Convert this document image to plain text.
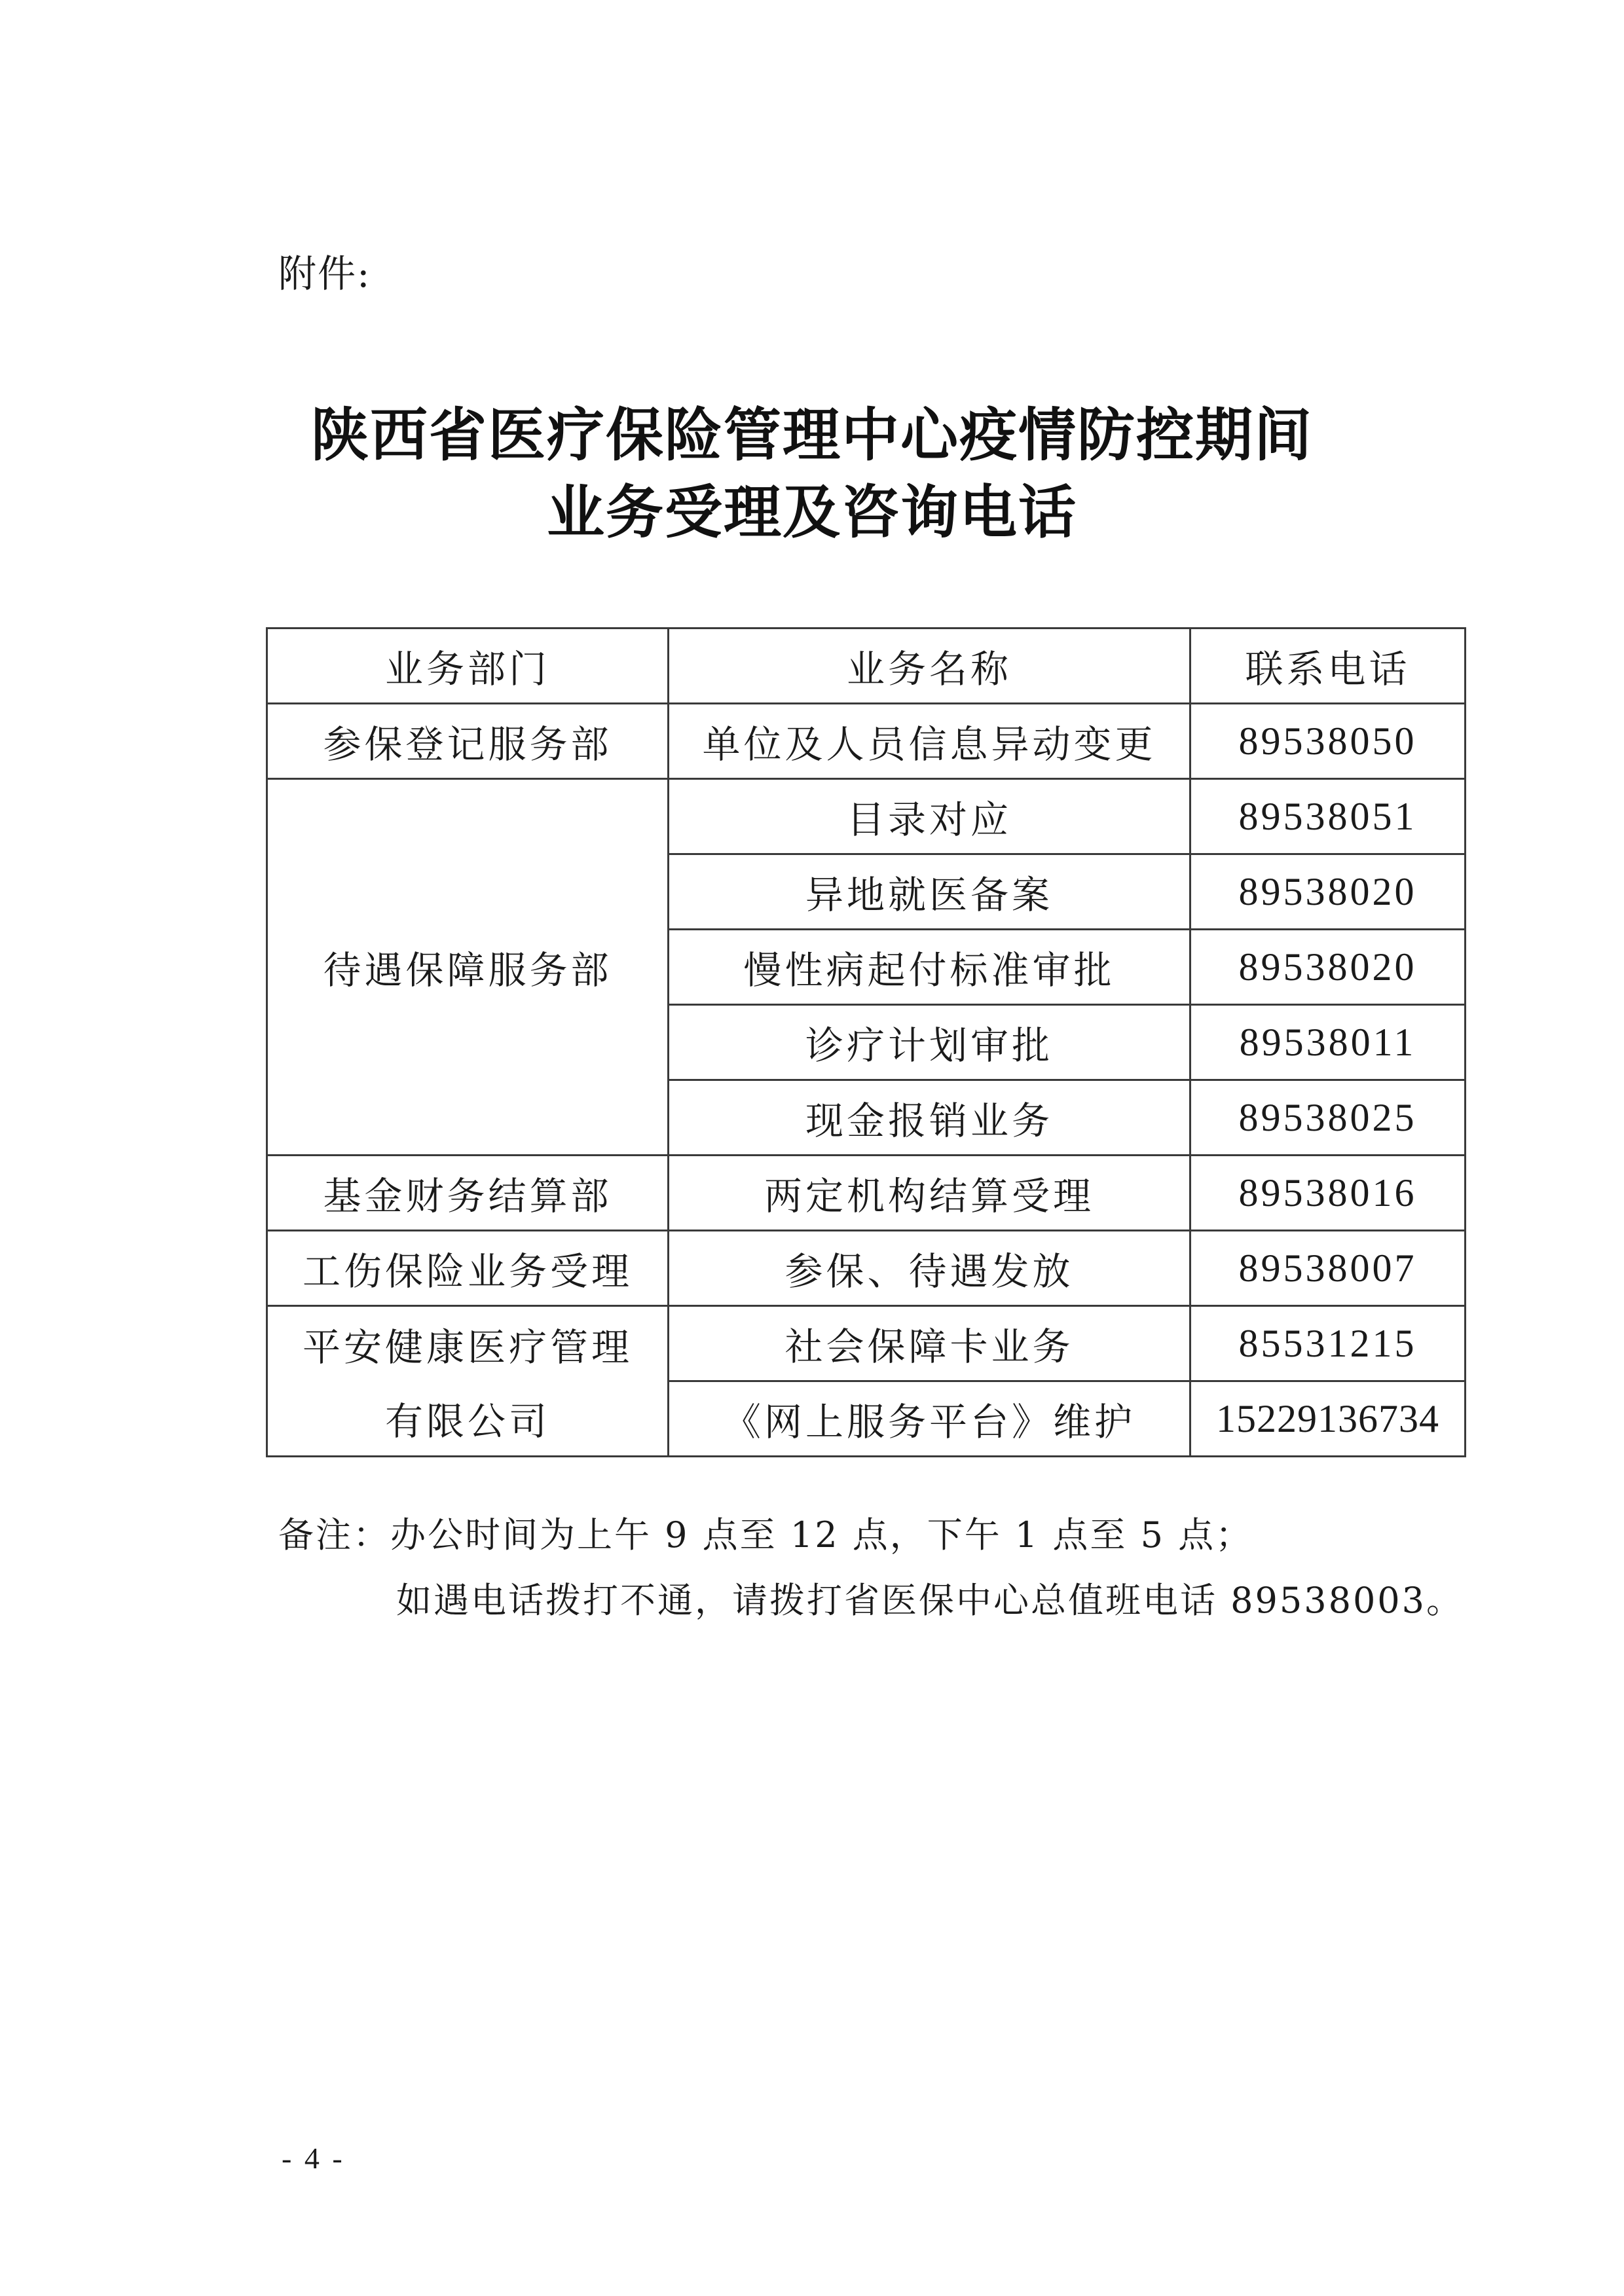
附件:
陕西省医疗保险管理中心疫情防控期间
业务受理及咨询电话
业务部门	业务名称	联系电话
参保登记服务部	单位及人员信息异动变更	89538050
待遇保障服务部	目录对应	89538051
	异地就医备案	89538020
	慢性病起付标准审批	89538020
	诊疗计划审批	89538011
	现金报销业务	89538025
基金财务结算部	两定机构结算受理	89538016
工伤保险业务受理	参保、待遇发放	89538007
平安健康医疗管理	社会保障卡业务	85531215
有限公司	《网上服务平台》维护	15229136734
备注：办公时间为上午 9 点至 12 点，下午 1 点至 5 点；
如遇电话拨打不通，请拨打省医保中心总值班电话 89538003。
- 4 -
